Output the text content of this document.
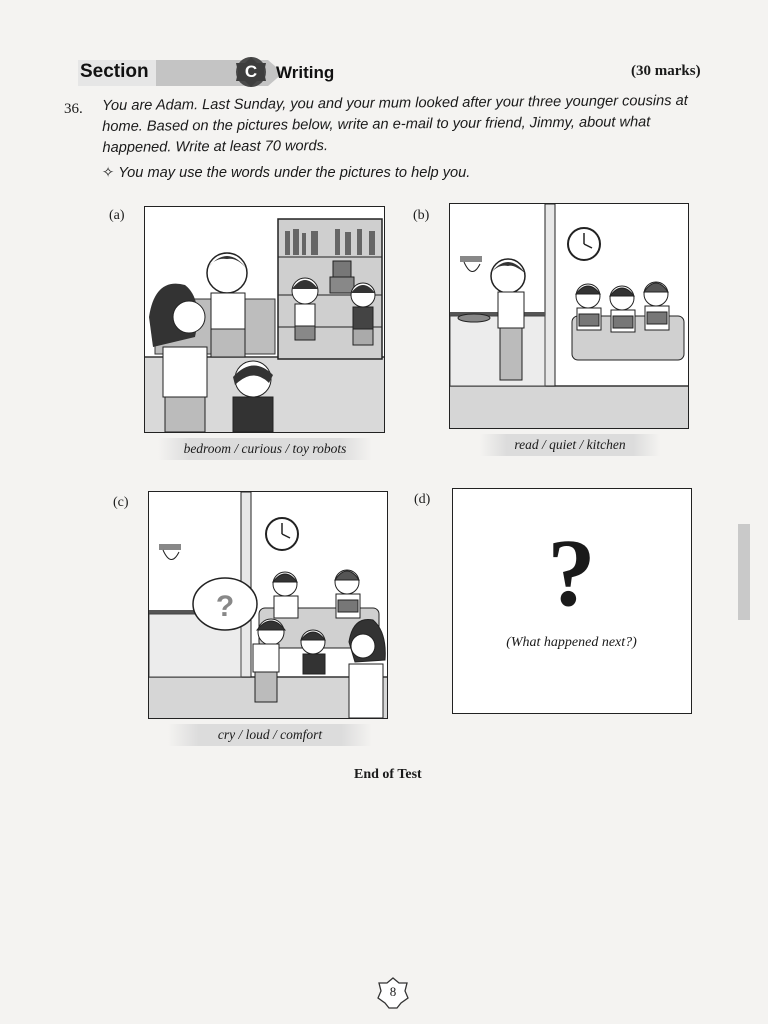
Section	C	Writing	(30 marks)
36. You are Adam. Last Sunday, you and your mum looked after your three younger cousins at home. Based on the pictures below, write an e-mail to your friend, Jimmy, about what happened. Write at least 70 words.
✧ You may use the words under the pictures to help you.
(a)
bedroom / curious / toy robots
(b)
read / quiet / kitchen
(c)
?
cry / loud / comfort
(d)
?
(What happened next?)
End of Test
8
